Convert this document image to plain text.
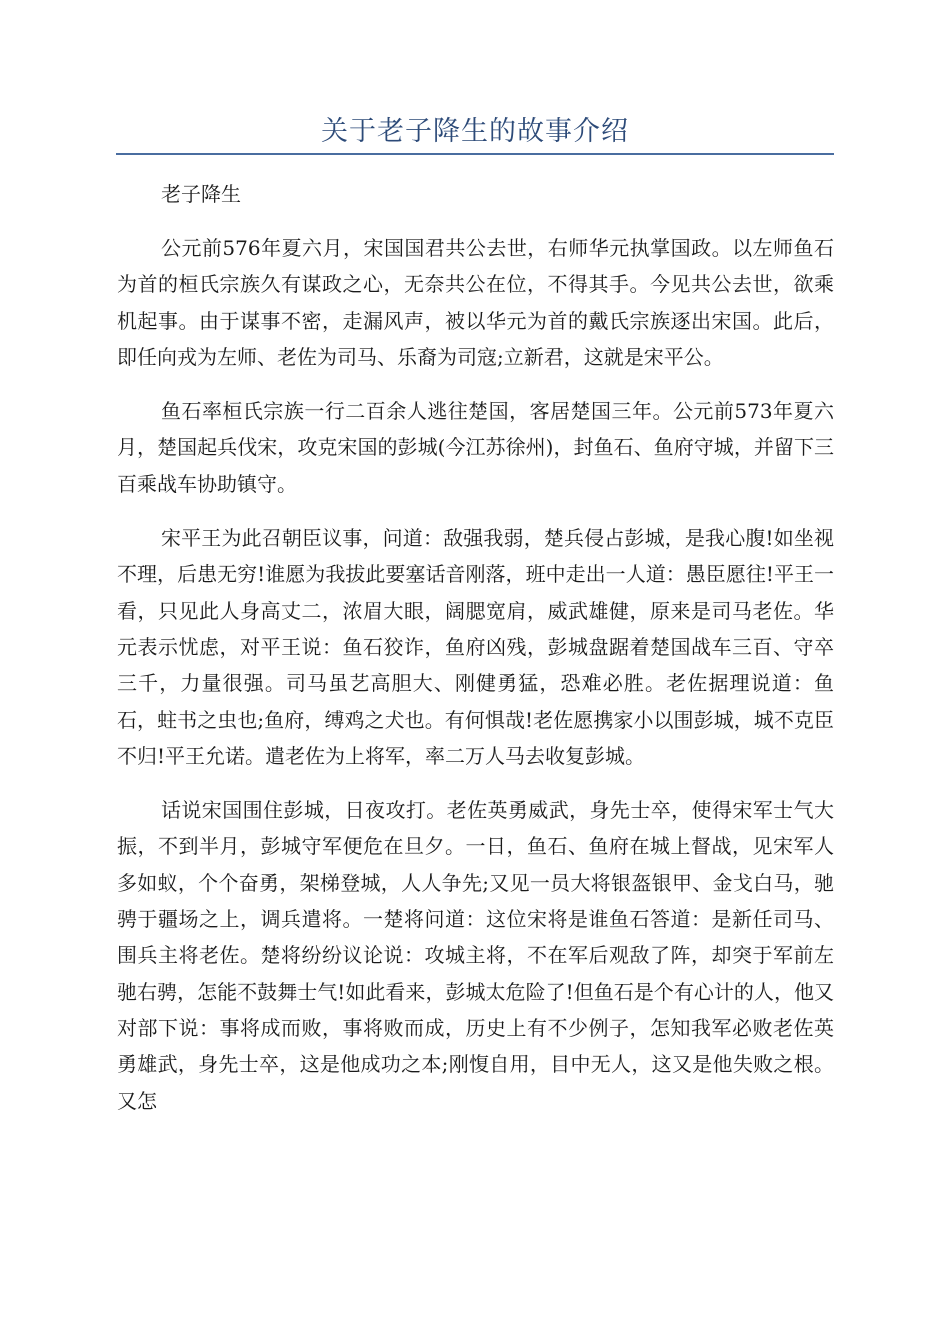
关于老子降生的故事介绍

老子降生

公元前576年夏六月，宋国国君共公去世，右师华元执掌国政。以左师鱼石为首的桓氏宗族久有谋政之心，无奈共公在位，不得其手。今见共公去世，欲乘机起事。由于谋事不密，走漏风声，被以华元为首的戴氏宗族逐出宋国。此后，即任向戎为左师、老佐为司马、乐裔为司寇;立新君，这就是宋平公。

鱼石率桓氏宗族一行二百余人逃往楚国，客居楚国三年。公元前573年夏六月，楚国起兵伐宋，攻克宋国的彭城(今江苏徐州)，封鱼石、鱼府守城，并留下三百乘战车协助镇守。

宋平王为此召朝臣议事，问道：敌强我弱，楚兵侵占彭城，是我心腹!如坐视不理，后患无穷!谁愿为我拔此要塞话音刚落，班中走出一人道：愚臣愿往!平王一看，只见此人身高丈二，浓眉大眼，阔腮宽肩，威武雄健，原来是司马老佐。华元表示忧虑，对平王说：鱼石狡诈，鱼府凶残，彭城盘踞着楚国战车三百、守卒三千，力量很强。司马虽艺高胆大、刚健勇猛，恐难必胜。老佐据理说道：鱼石，蛀书之虫也;鱼府，缚鸡之犬也。有何惧哉!老佐愿携家小以围彭城，城不克臣不归!平王允诺。遣老佐为上将军，率二万人马去收复彭城。

话说宋国围住彭城，日夜攻打。老佐英勇威武，身先士卒，使得宋军士气大振，不到半月，彭城守军便危在旦夕。一日，鱼石、鱼府在城上督战，见宋军人多如蚁，个个奋勇，架梯登城，人人争先;又见一员大将银盔银甲、金戈白马，驰骋于疆场之上，调兵遣将。一楚将问道：这位宋将是谁鱼石答道：是新任司马、围兵主将老佐。楚将纷纷议论说：攻城主将，不在军后观敌了阵，却突于军前左驰右骋，怎能不鼓舞士气!如此看来，彭城太危险了!但鱼石是个有心计的人，他又对部下说：事将成而败，事将败而成，历史上有不少例子，怎知我军必败老佐英勇雄武，身先士卒，这是他成功之本;刚愎自用，目中无人，这又是他失败之根。又怎
